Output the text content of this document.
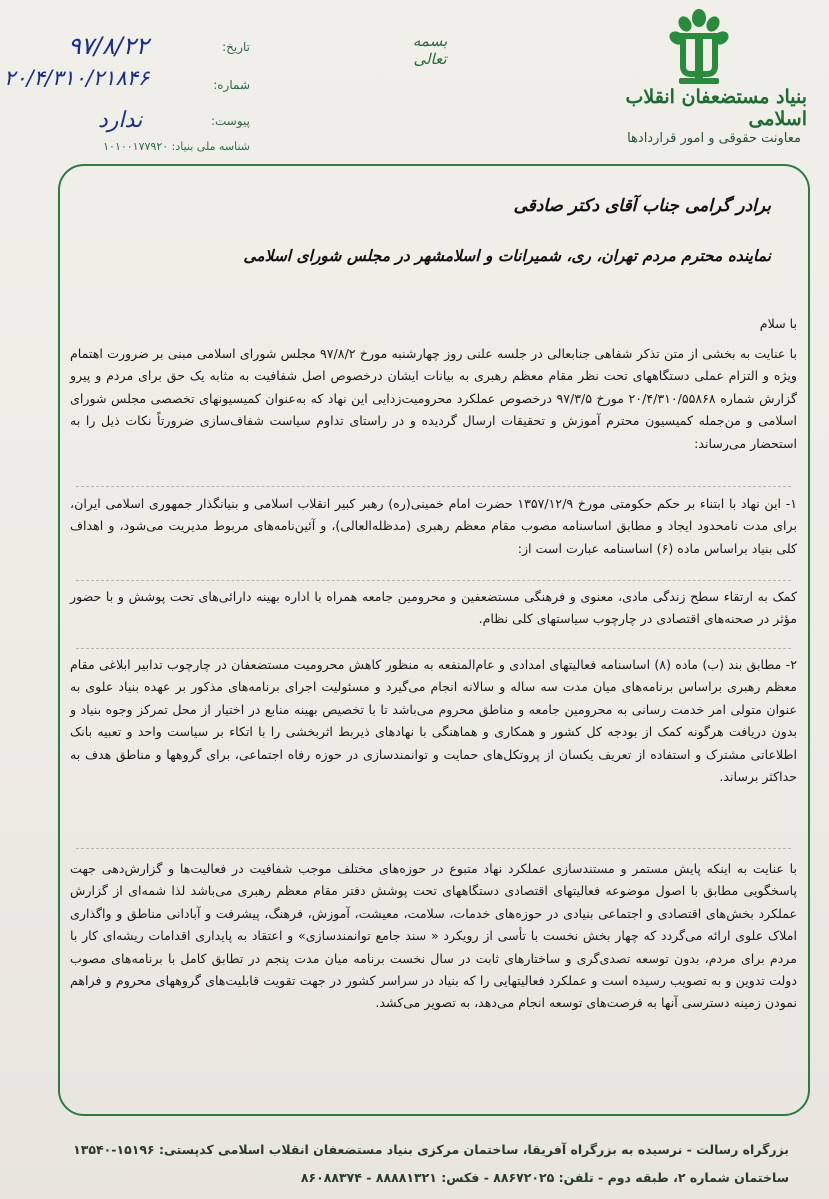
بنیاد مستضعفان انقلاب اسلامی
معاونت حقوقی و امور قراردادها
بسمه تعالی
تاریخ:
۹۷/۸/۲۲
شماره:
۲۰/۴/۳۱۰/۲۱۸۴۶
پیوست:
ندارد
شناسه ملی بنیاد: ۱۰۱۰۰۱۷۷۹۲۰
برادر گرامی جناب آقای دکتر صادقی
نماینده محترم مردم تهران، ری، شمیرانات و اسلامشهر در مجلس شورای اسلامی

با سلام

با عنایت به بخشی از متن تذکر شفاهی جنابعالی در جلسه علنی روز چهارشنبه مورخ ۹۷/۸/۲ مجلس شورای اسلامی مبنی بر ضرورت اهتمام ویژه و التزام عملی دستگاههای تحت نظر مقام معظم رهبری به بیانات ایشان درخصوص اصل شفافیت به مثابه یک حق برای مردم و پیرو گزارش شماره ۲۰/۴/۳۱۰/۵۵۸۶۸ مورخ ۹۷/۳/۵ درخصوص عملکرد محرومیت‌زدایی این نهاد که به‌عنوان کمیسیونهای تخصصی مجلس شورای اسلامی و من‌جمله کمیسیون محترم آموزش و تحقیقات ارسال گردیده و در راستای تداوم سیاست شفاف‌سازی ضرورتاً نکات ذیل را به استحضار می‌رساند:

۱- این نهاد با ابتناء بر حکم حکومتی مورخ ۱۳۵۷/۱۲/۹ حضرت امام خمینی(ره) رهبر کبیر انقلاب اسلامی و بنیانگذار جمهوری اسلامی ایران، برای مدت نامحدود ایجاد و مطابق اساسنامه مصوب مقام معظم رهبری (مدظله‌العالی)، و آئین‌نامه‌های مربوط مدیریت می‌شود، و اهداف کلی بنیاد براساس ماده (۶) اساسنامه عبارت است از:

کمک به ارتقاء سطح زندگی مادی، معنوی و فرهنگی مستضعفین و محرومین جامعه همراه با اداره بهینه دارائی‌های تحت پوشش و با حضور مؤثر در صحنه‌های اقتصادی در چارچوب سیاستهای کلی نظام.

۲- مطابق بند (ب) ماده (۸) اساسنامه فعالیتهای امدادی و عام‌المنفعه به منظور کاهش محرومیت مستضعفان در چارچوب تدابیر ابلاغی مقام معظم رهبری براساس برنامه‌های میان مدت سه ساله و سالانه انجام می‌گیرد و مسئولیت اجرای برنامه‌های مذکور بر عهده بنیاد علوی به عنوان متولی امر خدمت رسانی به محرومین جامعه و مناطق محروم می‌باشد تا با تخصیص بهینه منابع در اختیار از محل تمرکز وجوه بنیاد و بدون دریافت هرگونه کمک از بودجه کل کشور و همکاری و هماهنگی با نهادهای ذیربط اثربخشی را با اتکاء بر سیاست واحد و تعبیه بانک اطلاعاتی مشترک و استفاده از تعریف یکسان از پروتکل‌های حمایت و توانمندسازی در حوزه رفاه اجتماعی، برای گروهها و مناطق هدف به حداکثر برساند.

با عنایت به اینکه پایش مستمر و مستندسازی عملکرد نهاد متبوع در حوزه‌های مختلف موجب شفافیت در فعالیت‌ها و گزارش‌دهی جهت پاسخگویی مطابق با اصول موضوعه فعالیتهای اقتصادی دستگاههای تحت پوشش دفتر مقام معظم رهبری می‌باشد لذا شمه‌ای از گزارش عملکرد بخش‌های اقتصادی و اجتماعی بنیادی در حوزه‌های خدمات، سلامت، معیشت، آموزش، فرهنگ، پیشرفت و آبادانی مناطق و واگذاری املاک علوی ارائه می‌گردد که چهار بخش نخست با تأسی از رویکرد « سند جامع توانمندسازی» و اعتقاد به پایداری اقدامات ریشه‌ای کار با مردم برای مردم، بدون توسعه تصدی‌گری و ساختارهای ثابت در سال نخست برنامه میان مدت پنجم در تطابق کامل با برنامه‌های مصوب دولت تدوین و به تصویب رسیده است و عملکرد فعالیتهایی را که بنیاد در سراسر کشور در جهت تقویت قابلیت‌های گروههای محروم و فراهم نمودن زمینه دسترسی آنها به فرصت‌های توسعه انجام می‌دهد، به تصویر می‌کشد.

بزرگراه رسالت - نرسیده به بزرگراه آفریقا، ساختمان مرکزی بنیاد مستضعفان انقلاب اسلامی کدپستی: ۱۵۱۹۶-۱۳۵۴۰
ساختمان شماره ۲، طبقه دوم - تلفن: ۸۸۶۷۲۰۲۵ - فکس: ۸۸۸۸۱۳۲۱ - ۸۶۰۸۸۳۷۴
